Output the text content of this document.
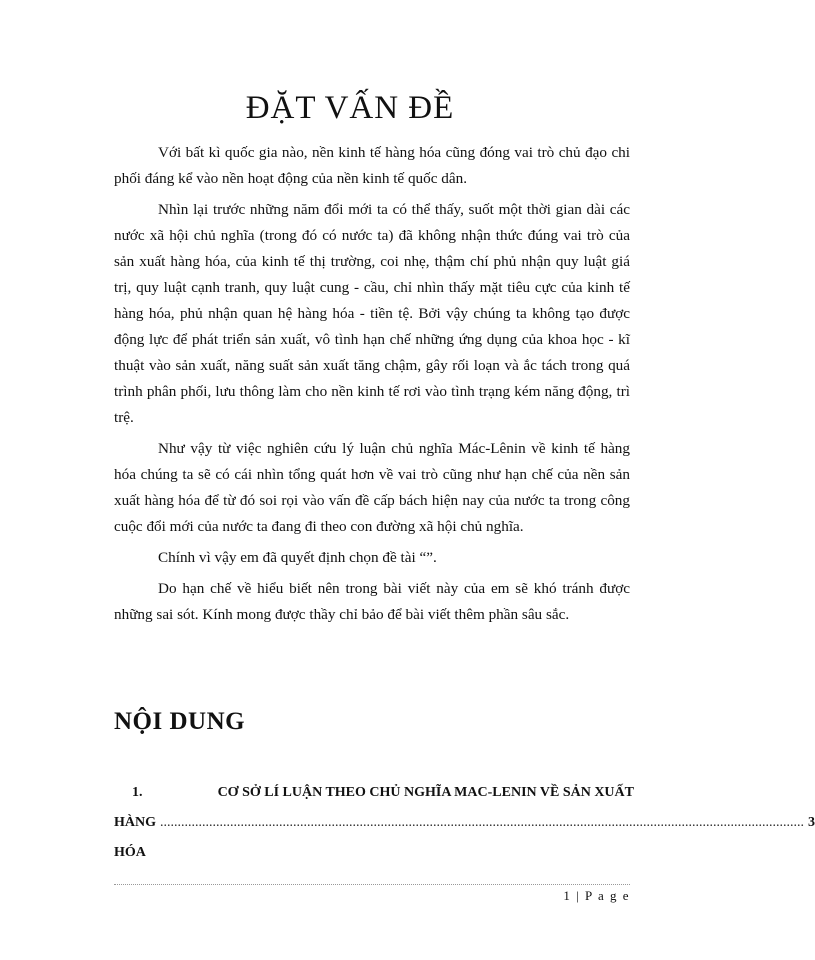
ĐẶT VẤN ĐỀ

Với bất kì quốc gia nào, nền kinh tế hàng hóa cũng đóng vai trò chủ đạo chi phối đáng kể vào nền hoạt động của nền kinh tế quốc dân.

Nhìn lại trước những năm đổi mới ta có thể thấy, suốt một thời gian dài các nước xã hội chủ nghĩa (trong đó có nước ta) đã không nhận thức đúng vai trò của sản xuất hàng hóa, của kinh tế thị trường, coi nhẹ, thậm chí phủ nhận quy luật giá trị, quy luật cạnh tranh, quy luật cung - cầu, chỉ nhìn thấy mặt tiêu cực của kinh tế hàng hóa, phủ nhận quan hệ hàng hóa - tiền tệ. Bởi vậy chúng ta không tạo được động lực để phát triển sản xuất, vô tình hạn chế những ứng dụng của khoa học - kĩ thuật vào sản xuất, năng suất sản xuất tăng chậm, gây rối loạn và ắc tách trong quá trình phân phối, lưu thông làm cho nền kinh tế rơi vào tình trạng kém năng động, trì trệ.

Như vậy từ việc nghiên cứu lý luận chủ nghĩa Mác-Lênin về kinh tế hàng hóa chúng ta sẽ có cái nhìn tổng quát hơn về vai trò cũng như hạn chế của nền sản xuất hàng hóa để từ đó soi rọi vào vấn đề cấp bách hiện nay của nước ta trong công cuộc đổi mới của nước ta đang đi theo con đường xã hội chủ nghĩa.

Chính vì vậy em đã quyết định chọn đề tài “”.

Do hạn chế về hiểu biết nên trong bài viết này của em sẽ khó tránh được những sai sót. Kính mong được thầy chỉ bảo để bài viết thêm phần sâu sắc.

NỘI DUNG
1.	CƠ SỞ LÍ LUẬN THEO CHỦ NGHĨA MAC-LENIN VỀ SẢN XUẤT
HÀNG HÓA
........................................................................................................................................................................................ 3
1 | P a g e
